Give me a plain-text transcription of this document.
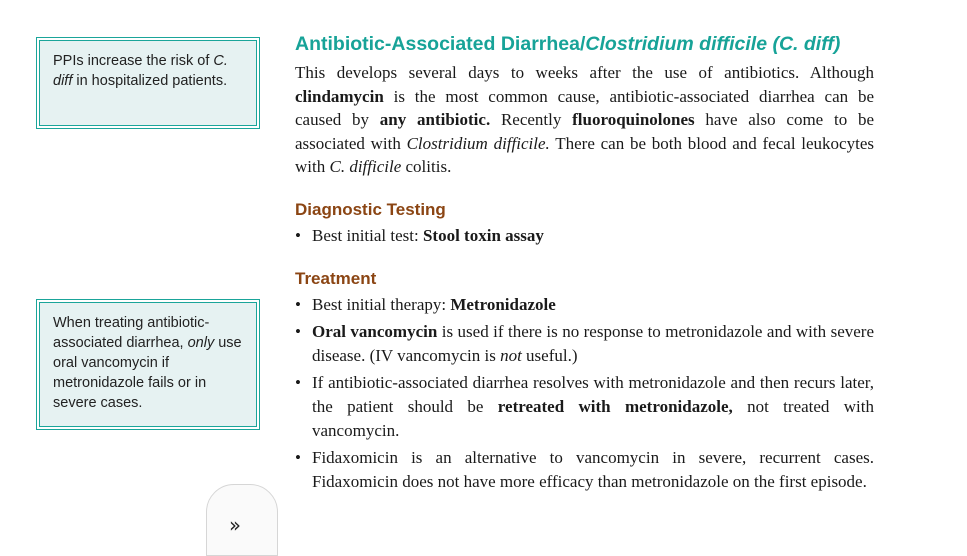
PPIs increase the risk of C. diff in hospitalized patients.
When treating antibiotic-associated diarrhea, only use oral vancomycin if metronidazole fails or in severe cases.
Antibiotic-Associated Diarrhea/Clostridium difficile (C. diff)

This develops several days to weeks after the use of antibiotics. Although clindamycin is the most common cause, antibiotic-associated diarrhea can be caused by any antibiotic. Recently fluoroquinolones have also come to be associated with Clostridium difficile. There can be both blood and fecal leukocytes with C. difficile colitis.

Diagnostic Testing
• Best initial test: Stool toxin assay
Treatment
• Best initial therapy: Metronidazole
• Oral vancomycin is used if there is no response to metronidazole and with severe disease. (IV vancomycin is not useful.)
• If antibiotic-associated diarrhea resolves with metronidazole and then recurs later, the patient should be retreated with metronidazole, not treated with vancomycin.
• Fidaxomicin is an alternative to vancomycin in severe, recurrent cases. Fidaxomicin does not have more efficacy than metronidazole on the first episode.
››
